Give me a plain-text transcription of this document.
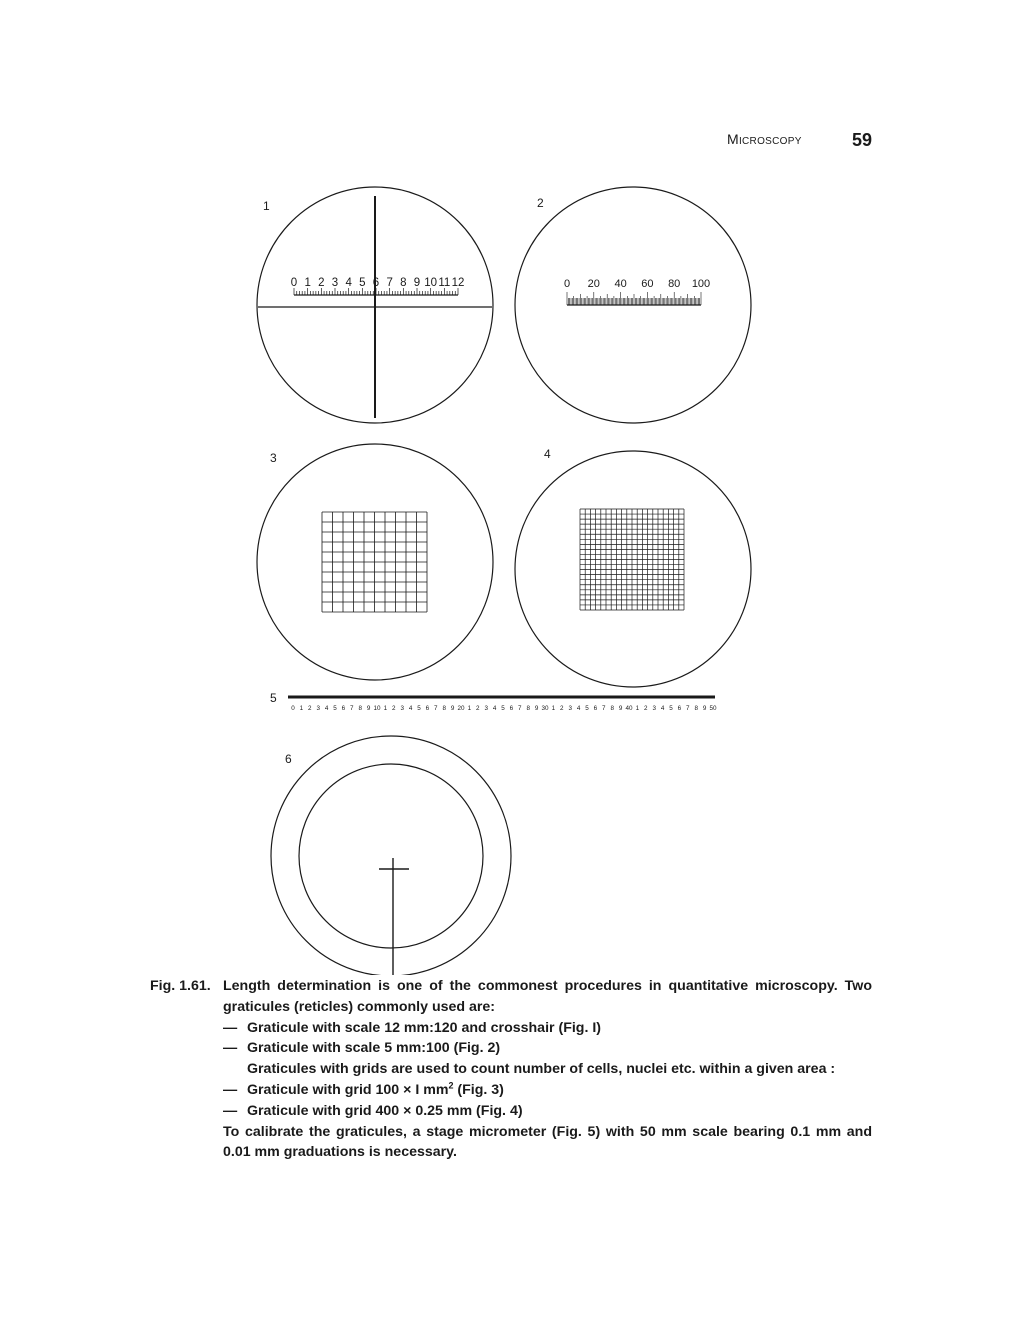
Microscopy	59
1	2
3	4
5
6
0 1 2 3 4 5 6 7 8 9 10 11 12	0 20 40 60 80 100
0 1 2 3 4 5 6 7 8 9 10 1 2 3 4 5 6 7 8 9 20 1 2 3 4 5 6 7 8 9 30 1 2 3 4 5 6 7 8 9 40 1 2 3 4 5 6 7 8 9 50
Fig. 1.61. Length determination is one of the commonest procedures in quantitative microscopy. Two
graticules (reticles) commonly used are:
— Graticule with scale 12 mm:120 and crosshair (Fig. I)
— Graticule with scale 5 mm:100 (Fig. 2)
Graticules with grids are used to count number of cells, nuclei etc. within a given area :
— Graticule with grid 100 × I $mm^2$ (Fig. 3)
— Graticule with grid 400 × 0.25 mm (Fig. 4)
To calibrate the graticules, a stage micrometer (Fig. 5) with 50 mm scale bearing 0.1 mm and
0.01 mm graduations is necessary.
